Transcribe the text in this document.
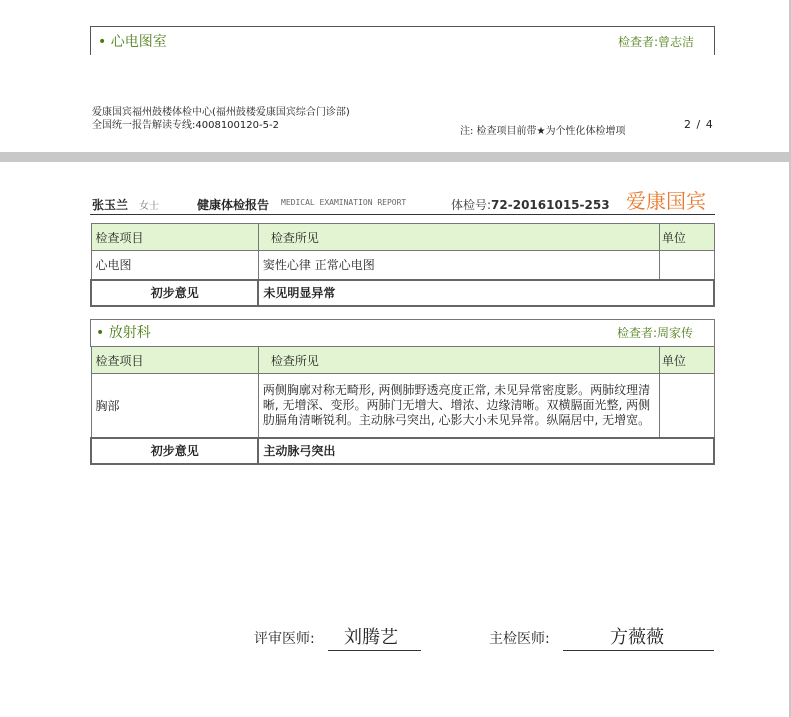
• 心电图室	检查者:曾志洁
爱康国宾福州鼓楼体检中心(福州鼓楼爱康国宾综合门诊部)
全国统一报告解读专线:4008100120-5-2
注: 检查项目前带★为个性化体检增项
2 / 4
张玉兰 女士	健康体检报告 MEDICAL EXAMINATION REPORT	体检号:72-20161015-253 爱康国宾
检查项目	检查所见	单位
心电图	窦性心律 正常心电图	
初步意见	未见明显异常	
• 放射科	检查者:周家传
检查项目	检查所见	单位
胸部	两侧胸廓对称无畸形, 两侧肺野透亮度正常, 未见异常密度影。两肺纹理清晰, 无增深、变形。两肺门无增大、增浓、边缘清晰。双横膈面光整, 两侧肋膈角清晰锐利。主动脉弓突出, 心影大小未见异常。纵隔居中, 无增宽。	
初步意见	主动脉弓突出	
评审医师: 刘腾艺	主检医师:	方薇薇
